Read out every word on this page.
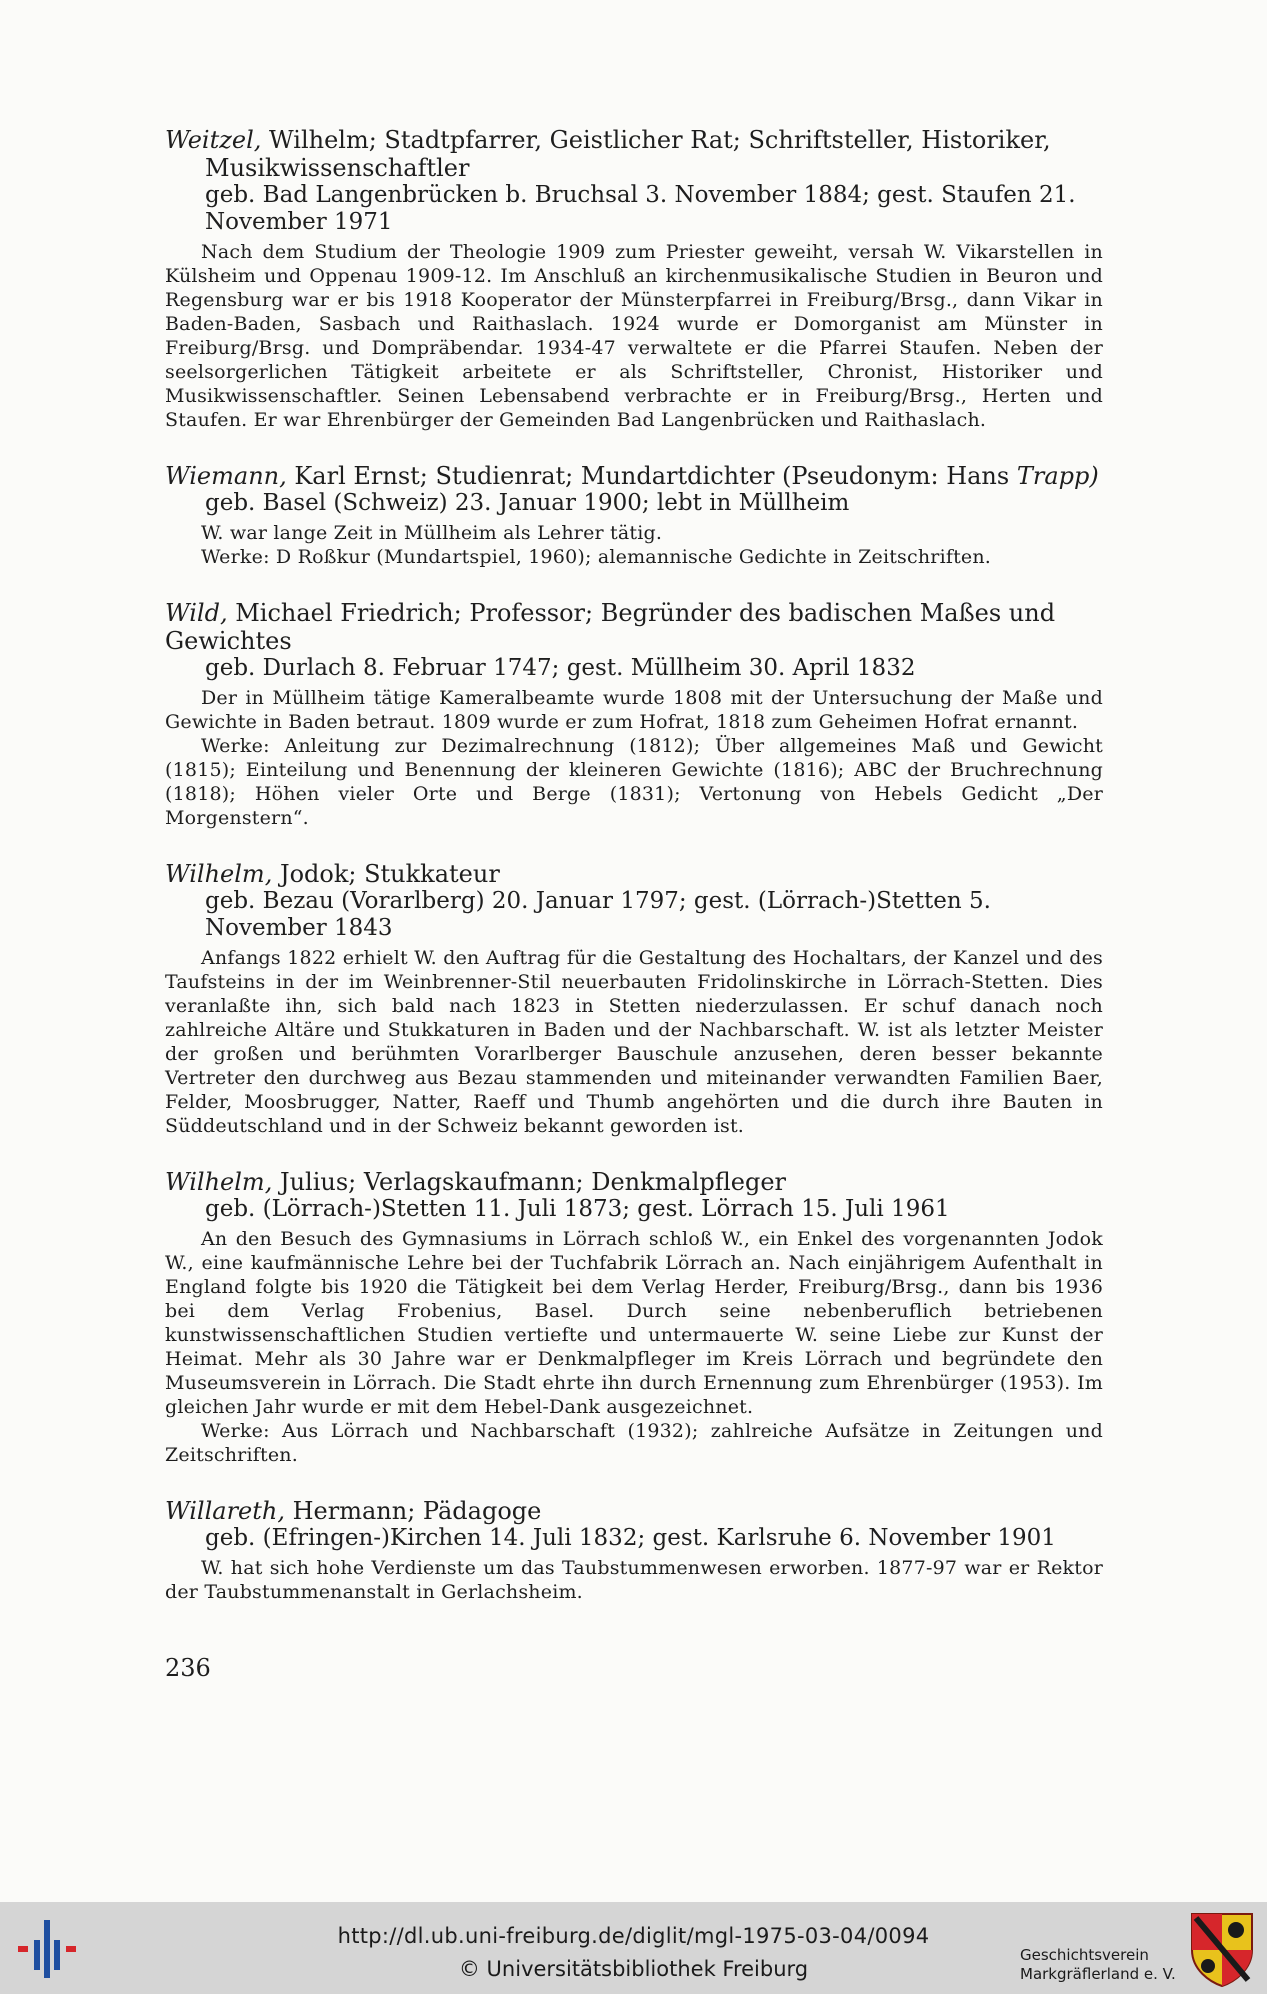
Weitzel, Wilhelm; Stadtpfarrer, Geistlicher Rat; Schriftsteller, Historiker,
Musikwissenschaftler

geb. Bad Langenbrücken b. Bruchsal 3. November 1884; gest. Staufen 21. November 1971

Nach dem Studium der Theologie 1909 zum Priester geweiht, versah W. Vikarstellen in Külsheim und Oppenau 1909-12. Im Anschluß an kirchenmusikalische Studien in Beuron und Regensburg war er bis 1918 Kooperator der Münsterpfarrei in Freiburg/Brsg., dann Vikar in Baden-Baden, Sasbach und Raithaslach. 1924 wurde er Domorganist am Münster in Freiburg/Brsg. und Dompräbendar. 1934-47 verwaltete er die Pfarrei Staufen. Neben der seelsorgerlichen Tätigkeit arbeitete er als Schriftsteller, Chronist, Historiker und Musikwissenschaftler. Seinen Lebensabend verbrachte er in Freiburg/Brsg., Herten und Staufen. Er war Ehrenbürger der Gemeinden Bad Langenbrücken und Raithaslach.

Wiemann, Karl Ernst; Studienrat; Mundartdichter (Pseudonym: Hans Trapp)

geb. Basel (Schweiz) 23. Januar 1900; lebt in Müllheim

W. war lange Zeit in Müllheim als Lehrer tätig.

Werke: D Roßkur (Mundartspiel, 1960); alemannische Gedichte in Zeitschriften.

Wild, Michael Friedrich; Professor; Begründer des badischen Maßes und Gewichtes

geb. Durlach 8. Februar 1747; gest. Müllheim 30. April 1832

Der in Müllheim tätige Kameralbeamte wurde 1808 mit der Untersuchung der Maße und Gewichte in Baden betraut. 1809 wurde er zum Hofrat, 1818 zum Geheimen Hofrat ernannt.

Werke: Anleitung zur Dezimalrechnung (1812); Über allgemeines Maß und Gewicht (1815); Einteilung und Benennung der kleineren Gewichte (1816); ABC der Bruchrechnung (1818); Höhen vieler Orte und Berge (1831); Vertonung von Hebels Gedicht „Der Morgenstern“.

Wilhelm, Jodok; Stukkateur

geb. Bezau (Vorarlberg) 20. Januar 1797; gest. (Lörrach-)Stetten 5. November 1843

Anfangs 1822 erhielt W. den Auftrag für die Gestaltung des Hochaltars, der Kanzel und des Taufsteins in der im Weinbrenner-Stil neuerbauten Fridolinskirche in Lörrach-Stetten. Dies veranlaßte ihn, sich bald nach 1823 in Stetten niederzulassen. Er schuf danach noch zahlreiche Altäre und Stukkaturen in Baden und der Nachbarschaft. W. ist als letzter Meister der großen und berühmten Vorarlberger Bauschule anzusehen, deren besser bekannte Vertreter den durchweg aus Bezau stammenden und miteinander verwandten Familien Baer, Felder, Moosbrugger, Natter, Raeff und Thumb angehörten und die durch ihre Bauten in Süddeutschland und in der Schweiz bekannt geworden ist.

Wilhelm, Julius; Verlagskaufmann; Denkmalpfleger

geb. (Lörrach-)Stetten 11. Juli 1873; gest. Lörrach 15. Juli 1961

An den Besuch des Gymnasiums in Lörrach schloß W., ein Enkel des vorgenannten Jodok W., eine kaufmännische Lehre bei der Tuchfabrik Lörrach an. Nach einjährigem Aufenthalt in England folgte bis 1920 die Tätigkeit bei dem Verlag Herder, Freiburg/Brsg., dann bis 1936 bei dem Verlag Frobenius, Basel. Durch seine nebenberuflich betriebenen kunstwissenschaftlichen Studien vertiefte und untermauerte W. seine Liebe zur Kunst der Heimat. Mehr als 30 Jahre war er Denkmalpfleger im Kreis Lörrach und begründete den Museumsverein in Lörrach. Die Stadt ehrte ihn durch Ernennung zum Ehrenbürger (1953). Im gleichen Jahr wurde er mit dem Hebel-Dank ausgezeichnet.

Werke: Aus Lörrach und Nachbarschaft (1932); zahlreiche Aufsätze in Zeitungen und Zeitschriften.

Willareth, Hermann; Pädagoge

geb. (Efringen-)Kirchen 14. Juli 1832; gest. Karlsruhe 6. November 1901

W. hat sich hohe Verdienste um das Taubstummenwesen erworben. 1877-97 war er Rektor der Taubstummenanstalt in Gerlachsheim.

236
http://dl.ub.uni-freiburg.de/diglit/mgl-1975-03-04/0094
© Universitätsbibliothek Freiburg
Geschichtsverein
Markgräflerland e. V.
